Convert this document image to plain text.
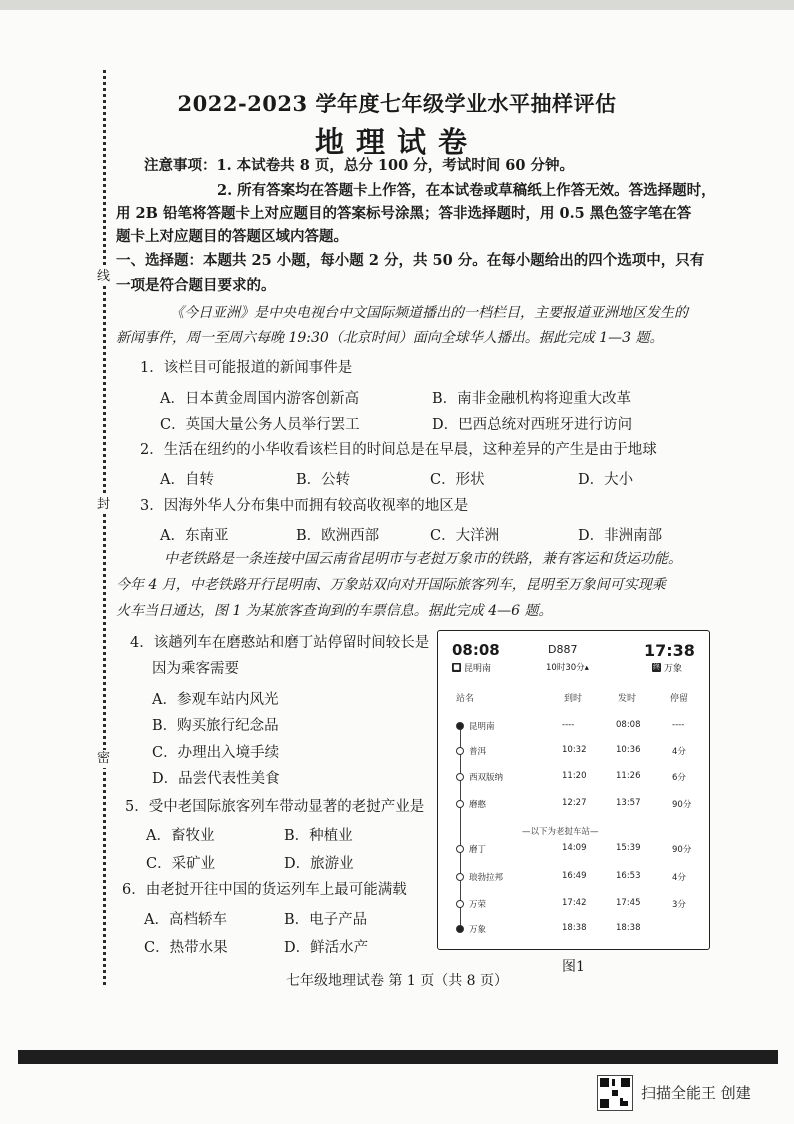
线
封
密
2022-2023 学年度七年级学业水平抽样评估
地理试卷
注意事项：1. 本试卷共 8 页，总分 100 分，考试时间 60 分钟。
2. 所有答案均在答题卡上作答，在本试卷或草稿纸上作答无效。答选择题时，
用 2B 铅笔将答题卡上对应题目的答案标号涂黑；答非选择题时，用 0.5 黑色签字笔在答
题卡上对应题目的答题区域内答题。
一、选择题：本题共 25 小题，每小题 2 分，共 50 分。在每小题给出的四个选项中，只有
一项是符合题目要求的。
《今日亚洲》是中央电视台中文国际频道播出的一档栏目，主要报道亚洲地区发生的
新闻事件，周一至周六每晚 19:30（北京时间）面向全球华人播出。据此完成 1—3 题。
1．该栏目可能报道的新闻事件是
A．日本黄金周国内游客创新高	B．南非金融机构将迎重大改革
C．英国大量公务人员举行罢工	D．巴西总统对西班牙进行访问
2．生活在纽约的小华收看该栏目的时间总是在早晨，这种差异的产生是由于地球
A．自转	B．公转	C．形状	D．大小
3．因海外华人分布集中而拥有较高收视率的地区是
A．东南亚	B．欧洲西部	C．大洋洲	D．非洲南部
中老铁路是一条连接中国云南省昆明市与老挝万象市的铁路，兼有客运和货运功能。
今年 4 月，中老铁路开行昆明南、万象站双向对开国际旅客列车，昆明至万象间可实现乘
火车当日通达，图 1 为某旅客查询到的车票信息。据此完成 4—6 题。
4．该趟列车在磨憨站和磨丁站停留时间较长是
因为乘客需要
A．参观车站内风光
B．购买旅行纪念品
C．办理出入境手续
D．品尝代表性美食
5．受中老国际旅客列车带动显著的老挝产业是
A．畜牧业	B．种植业
C．采矿业	D．旅游业
6．由老挝开往中国的货运列车上最可能满载
A．高档轿车	B．电子产品
C．热带水果	D．鲜活水产
08:08
■ 昆明南
D887
10时30分▴
17:38
终 万象
站名	到时	发时	停留
昆明南	----	08:08	----
普洱	10:32	10:36	4分
西双版纳	11:20	11:26	6分
磨憨	12:27	13:57	90分
磨丁	14:09	15:39	90分
琅勃拉邦	16:49	16:53	4分
万荣	17:42	17:45	3分
万象	18:38	18:38
—以下为老挝车站—
图1
七年级地理试卷 第 1 页（共 8 页）
扫描全能王 创建
